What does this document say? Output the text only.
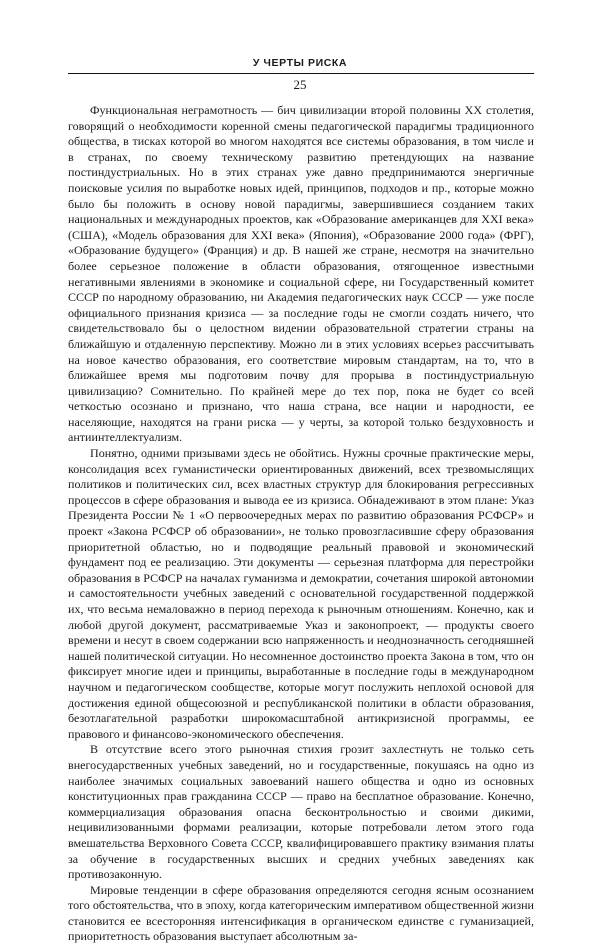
У ЧЕРТЫ РИСКА
25

Функциональная неграмотность — бич цивилизации второй половины XX столетия, говорящий о необходимости коренной смены педагогической парадигмы традиционного общества, в тисках которой во многом находятся все системы образования, в том числе и в странах, по своему техническому развитию претендующих на название постиндустриальных. Но в этих странах уже давно предпринимаются энергичные поисковые усилия по выработке новых идей, принципов, подходов и пр., которые можно было бы положить в основу новой парадигмы, завершившиеся созданием таких национальных и международных проектов, как «Образование американцев для XXI века» (США), «Модель образования для XXI века» (Япония), «Образование 2000 года» (ФРГ), «Образование будущего» (Франция) и др. В нашей же стране, несмотря на значительно более серьезное положение в области образования, отягощенное известными негативными явлениями в экономике и социальной сфере, ни Государственный комитет СССР по народному образованию, ни Академия педагогических наук СССР — уже после официального признания кризиса — за последние годы не смогли создать ничего, что свидетельствовало бы о целостном видении образовательной стратегии страны на ближайшую и отдаленную перспективу. Можно ли в этих условиях всерьез рассчитывать на новое качество образования, его соответствие мировым стандартам, на то, что в ближайшее время мы подготовим почву для прорыва в постиндустриальную цивилизацию? Сомнительно. По крайней мере до тех пор, пока не будет со всей четкостью осознано и признано, что наша страна, все нации и народности, ее населяющие, находятся на грани риска — у черты, за которой только бездуховность и антиинтеллектуализм.

Понятно, одними призывами здесь не обойтись. Нужны срочные практические меры, консолидация всех гуманистически ориентированных движений, всех трезвомыслящих политиков и политических сил, всех властных структур для блокирования регрессивных процессов в сфере образования и вывода ее из кризиса. Обнадеживают в этом плане: Указ Президента России № 1 «О первоочередных мерах по развитию образования РСФСР» и проект «Закона РСФСР об образовании», не только провозгласившие сферу образования приоритетной областью, но и подводящие реальный правовой и экономический фундамент под ее реализацию. Эти документы — серьезная платформа для перестройки образования в РСФСР на началах гуманизма и демократии, сочетания широкой автономии и самостоятельности учебных заведений с основательной государственной поддержкой их, что весьма немаловажно в период перехода к рыночным отношениям. Конечно, как и любой другой документ, рассматриваемые Указ и законопроект, — продукты своего времени и несут в своем содержании всю напряженность и неоднозначность сегодняшней нашей политической ситуации. Но несомненное достоинство проекта Закона в том, что он фиксирует многие идеи и принципы, выработанные в последние годы в международном научном и педагогическом сообществе, которые могут послужить неплохой основой для достижения единой общесоюзной и республиканской политики в области образования, безотлагательной разработки широкомасштабной антикризисной программы, ее правового и финансово-экономического обеспечения.

В отсутствие всего этого рыночная стихия грозит захлестнуть не только сеть внегосударственных учебных заведений, но и государственные, покушаясь на одно из наиболее значимых социальных завоеваний нашего общества и одно из основных конституционных прав гражданина СССР — право на бесплатное образование. Конечно, коммерциализация образования опасна бесконтрольностью и своими дикими, нецивилизованными формами реализации, которые потребовали летом этого года вмешательства Верховного Совета СССР, квалифицировавшего практику взимания платы за обучение в государственных высших и средних учебных заведениях как противозаконную.

Мировые тенденции в сфере образования определяются сегодня ясным осознанием того обстоятельства, что в эпоху, когда категорическим императивом общественной жизни становится ее всесторонняя интенсификация в органическом единстве с гуманизацией, приоритетность образования выступает абсолютным за-
